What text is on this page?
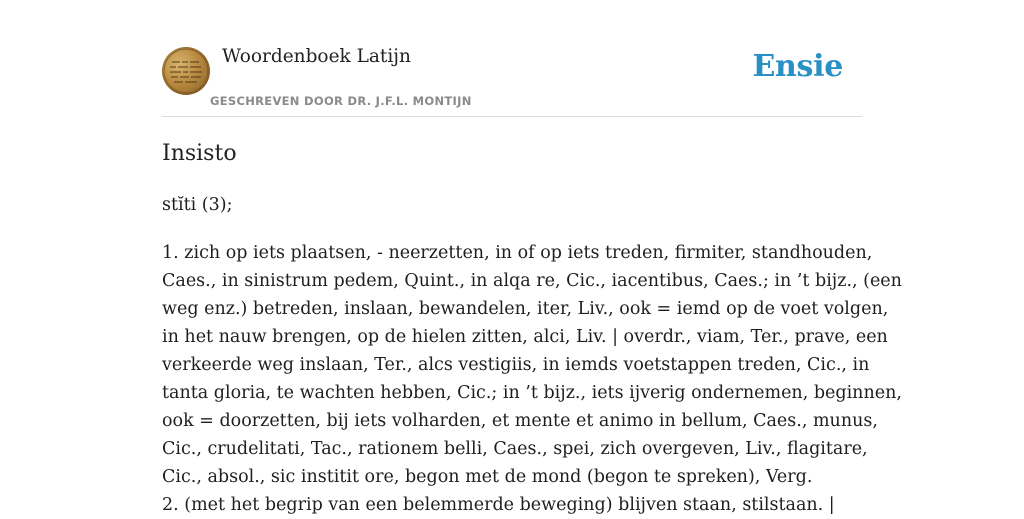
Woordenboek Latijn
GESCHREVEN DOOR DR. J.F.L. MONTIJN
Ensie
Insisto
stĭti (3);

1. zich op iets plaatsen, - neerzetten, in of op iets treden, firmiter, standhouden,

Caes., in sinistrum pedem, Quint., in alqa re, Cic., iacentibus, Caes.; in ’t bijz., (een

weg enz.) betreden, inslaan, bewandelen, iter, Liv., ook = iemd op de voet volgen,

in het nauw brengen, op de hielen zitten, alci, Liv. | overdr., viam, Ter., prave, een

verkeerde weg inslaan, Ter., alcs vestigiis, in iemds voetstappen treden, Cic., in

tanta gloria, te wachten hebben, Cic.; in ’t bijz., iets ijverig ondernemen, beginnen,

ook = doorzetten, bij iets volharden, et mente et animo in bellum, Caes., munus,

Cic., crudelitati, Tac., rationem belli, Caes., spei, zich overgeven, Liv., flagitare,

Cic., absol., sic institit ore, begon met de mond (begon te spreken), Verg.

2. (met het begrip van een belemmerde beweging) blijven staan, stilstaan. |
